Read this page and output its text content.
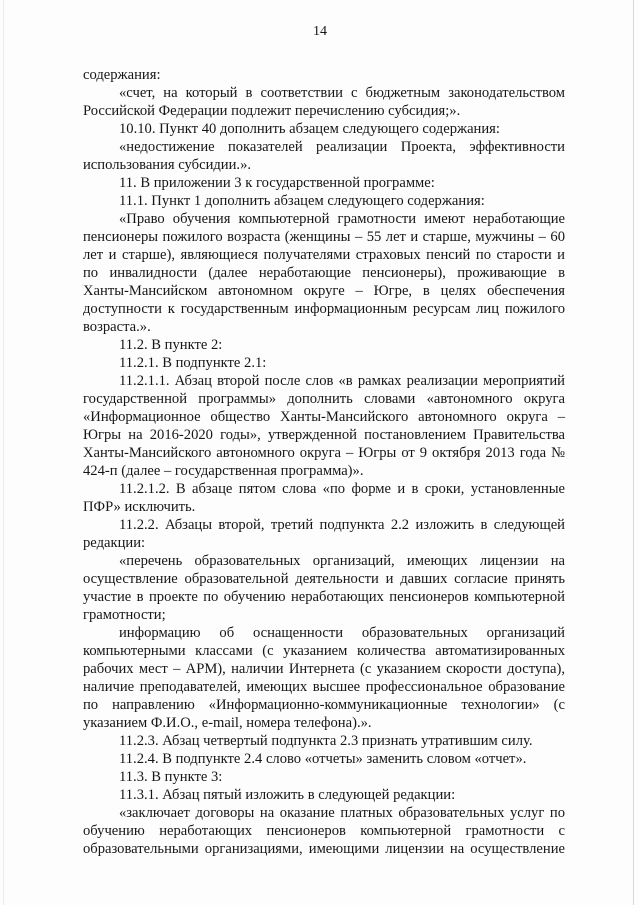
14

содержания:

«счет, на который в соответствии с бюджетным законодательством Российской Федерации подлежит перечислению субсидия;».

10.10. Пункт 40 дополнить абзацем следующего содержания:

«недостижение показателей реализации Проекта, эффективности использования субсидии.».

11. В приложении 3 к государственной программе:

11.1. Пункт 1 дополнить абзацем следующего содержания:

«Право обучения компьютерной грамотности имеют неработающие пенсионеры пожилого возраста (женщины – 55 лет и старше, мужчины – 60 лет и старше), являющиеся получателями страховых пенсий по старости и по инвалидности (далее неработающие пенсионеры), проживающие в Ханты-Мансийском автономном округе – Югре, в целях обеспечения доступности к государственным информационным ресурсам лиц пожилого возраста.».

11.2. В пункте 2:

11.2.1. В подпункте 2.1:

11.2.1.1. Абзац второй после слов «в рамках реализации мероприятий государственной программы» дополнить словами «автономного округа «Информационное общество Ханты-Мансийского автономного округа – Югры на 2016-2020 годы», утвержденной постановлением Правительства Ханты-Мансийского автономного округа – Югры от 9 октября 2013 года № 424-п (далее – государственная программа)».

11.2.1.2. В абзаце пятом слова «по форме и в сроки, установленные ПФР» исключить.

11.2.2. Абзацы второй, третий подпункта 2.2 изложить в следующей редакции:

«перечень образовательных организаций, имеющих лицензии на осуществление образовательной деятельности и давших согласие принять участие в проекте по обучению неработающих пенсионеров компьютерной грамотности;

информацию об оснащенности образовательных организаций компьютерными классами (с указанием количества автоматизированных рабочих мест – АРМ), наличии Интернета (с указанием скорости доступа), наличие преподавателей, имеющих высшее профессиональное образование по направлению «Информационно-коммуникационные технологии» (с указанием Ф.И.О., e-mail, номера телефона).».

11.2.3. Абзац четвертый подпункта 2.3 признать утратившим силу.

11.2.4. В подпункте 2.4 слово «отчеты» заменить словом «отчет».

11.3. В пункте 3:

11.3.1. Абзац пятый изложить в следующей редакции:

«заключает договоры на оказание платных образовательных услуг по обучению неработающих пенсионеров компьютерной грамотности с образовательными организациями, имеющими лицензии на осуществление
